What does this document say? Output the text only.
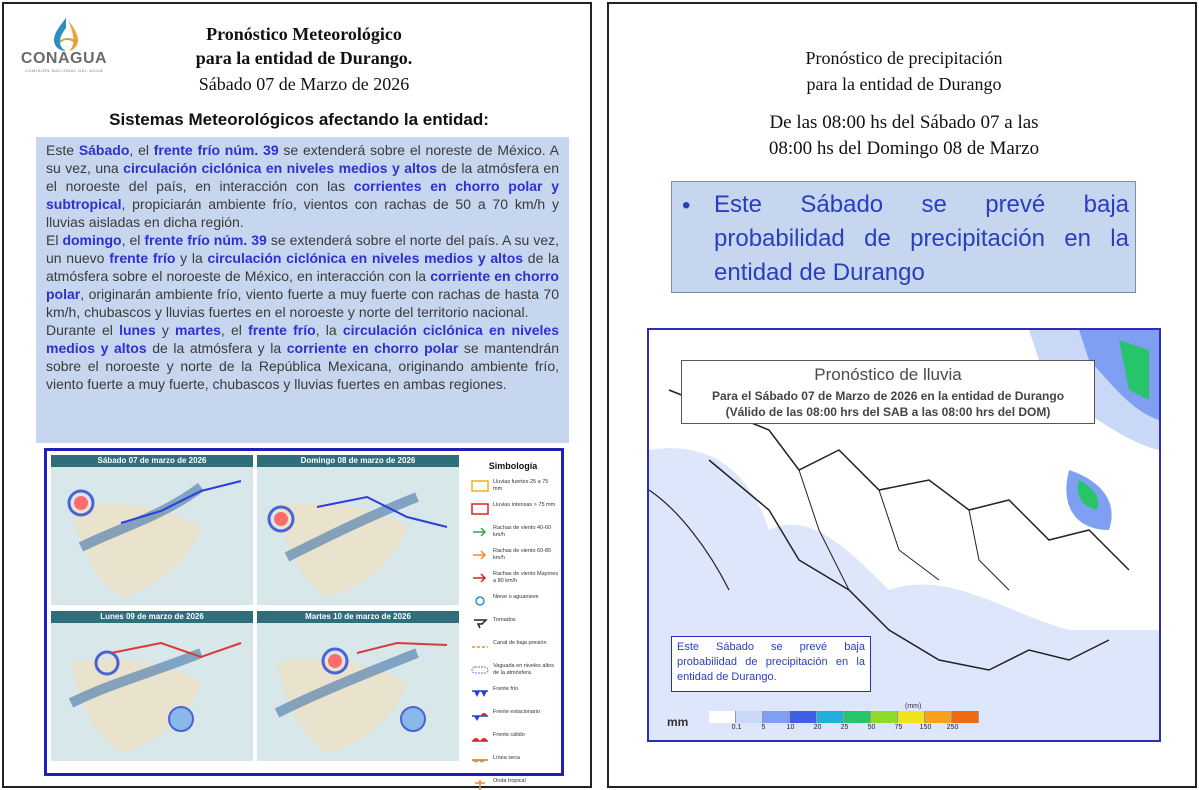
CONAGUA
COMISIÓN NACIONAL DEL AGUA
Pronóstico Meteorológico
para la entidad de Durango.
Sábado 07 de Marzo de 2026
Sistemas Meteorológicos afectando la entidad:

Este Sábado, el frente frío núm. 39 se extenderá sobre el noreste de México. A su vez, una circulación ciclónica en niveles medios y altos de la atmósfera en el noroeste del país, en interacción con las corrientes en chorro polar y subtropical, propiciarán ambiente frío, vientos con rachas de 50 a 70 km/h y lluvias aisladas en dicha región.

El domingo, el frente frío núm. 39 se extenderá sobre el norte del país. A su vez, un nuevo frente frío y la circulación ciclónica en niveles medios y altos de la atmósfera sobre el noroeste de México, en interacción con la corriente en chorro polar, originarán ambiente frío, viento fuerte a muy fuerte con rachas de hasta 70 km/h, chubascos y lluvias fuertes en el noroeste y norte del territorio nacional.

Durante el lunes y martes, el frente frío, la circulación ciclónica en niveles medios y altos de la atmósfera y la corriente en chorro polar se mantendrán sobre el noroeste y norte de la República Mexicana, originando ambiente frío, viento fuerte a muy fuerte, chubascos y lluvias fuertes en ambas regiones.

Sábado 07 de marzo de 2026	Domingo 08 de marzo de 2026
Lunes 09 de marzo de 2026	Martes 10 de marzo de 2026
Simbología
Lluvias fuertes 25 a 75 mm
Lluvias intensas > 75 mm
Rachas de viento 40-60 km/h
Rachas de viento 60-80 km/h
Rachas de viento Mayores a 80 km/h
Nieve o aguanieve
Tornados
Canal de baja presión
Vaguada en niveles altos de la atmósfera
Frente frío
Frente estacionario
Frente cálido
Línea seca
Onda tropical
Pronóstico de precipitación
para la entidad de Durango
De las 08:00 hs del Sábado 07 a las
08:00 hs del Domingo 08 de Marzo
• Este Sábado se prevé baja probabilidad de precipitación en la entidad de Durango
Pronóstico de lluvia
Para el Sábado 07 de Marzo de 2026 en la entidad de Durango
(Válido de las 08:00 hrs del SAB a las 08:00 hrs del DOM)

Este Sábado se prevé baja probabilidad de precipitación en la entidad de Durango.

mm
(mm)
0.1	5	10	20	25	50	75	150	250
